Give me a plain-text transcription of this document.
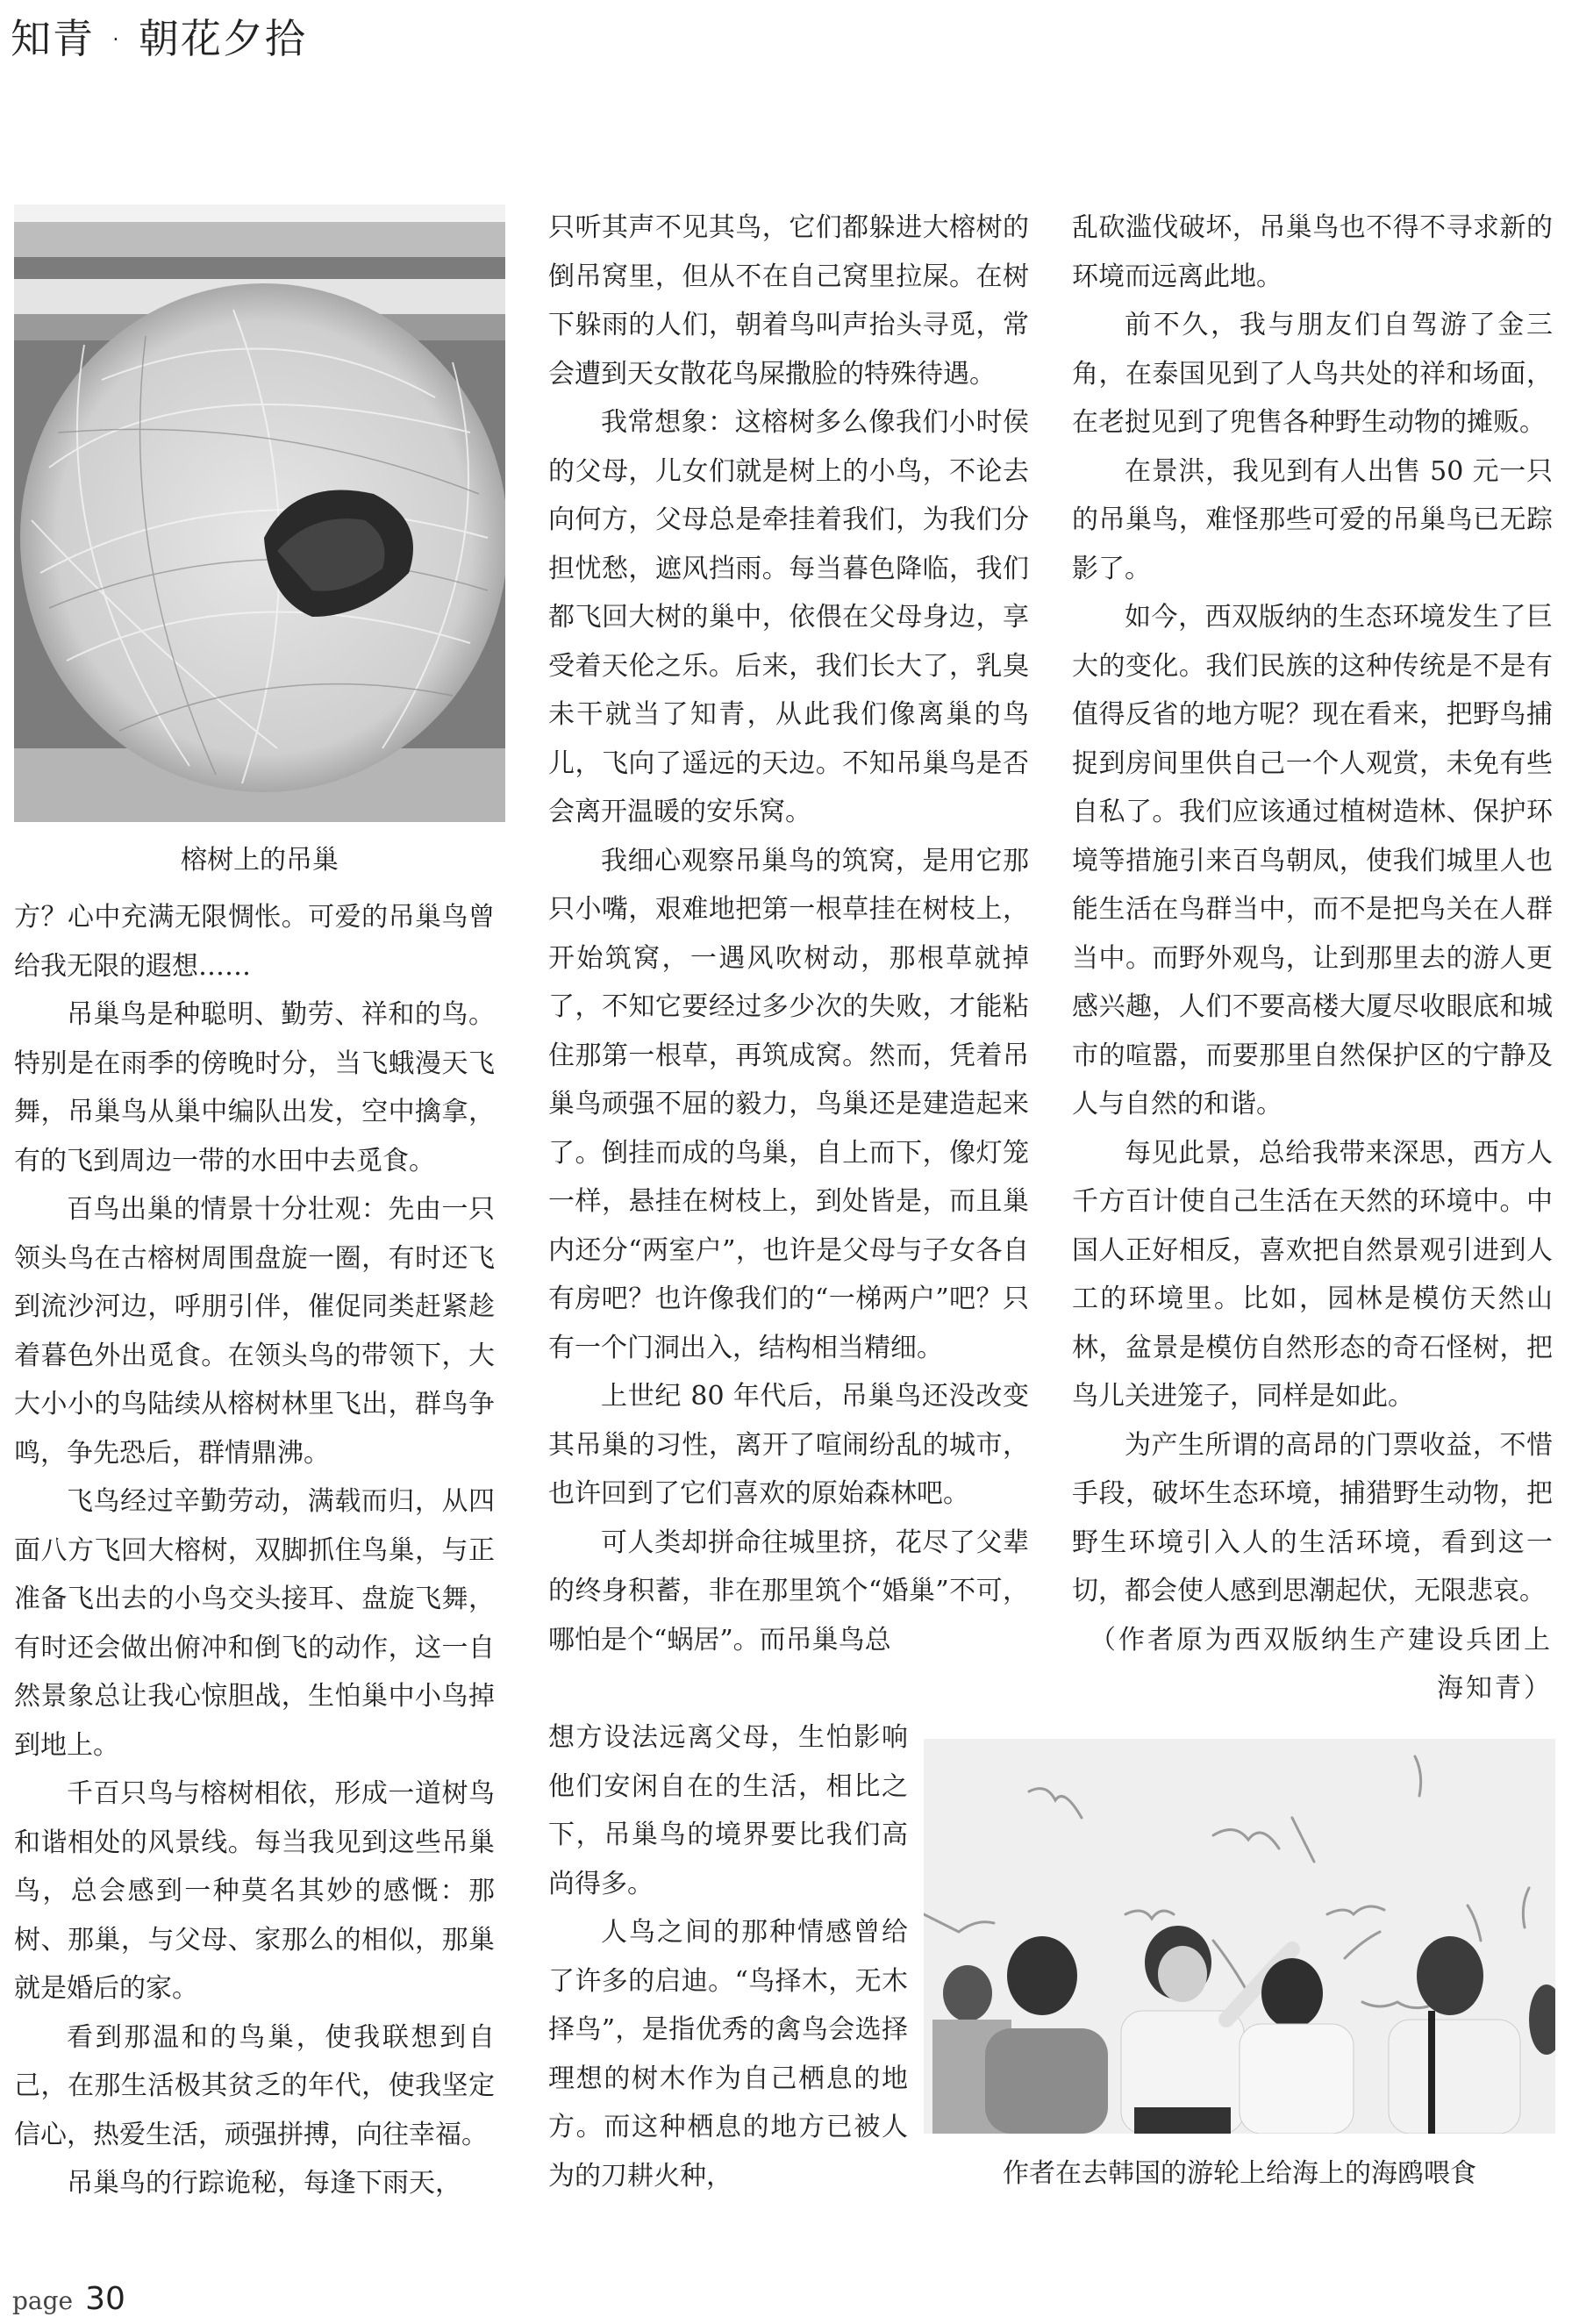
知青 · 朝花夕拾
榕树上的吊巢

方？心中充满无限惆怅。可爱的吊巢鸟曾给我无限的遐想……

吊巢鸟是种聪明、勤劳、祥和的鸟。特别是在雨季的傍晚时分，当飞蛾漫天飞舞，吊巢鸟从巢中编队出发，空中擒拿，有的飞到周边一带的水田中去觅食。

百鸟出巢的情景十分壮观：先由一只领头鸟在古榕树周围盘旋一圈，有时还飞到流沙河边，呼朋引伴，催促同类赶紧趁着暮色外出觅食。在领头鸟的带领下，大大小小的鸟陆续从榕树林里飞出，群鸟争鸣，争先恐后，群情鼎沸。

飞鸟经过辛勤劳动，满载而归，从四面八方飞回大榕树，双脚抓住鸟巢，与正准备飞出去的小鸟交头接耳、盘旋飞舞，有时还会做出俯冲和倒飞的动作，这一自然景象总让我心惊胆战，生怕巢中小鸟掉到地上。

千百只鸟与榕树相依，形成一道树鸟和谐相处的风景线。每当我见到这些吊巢鸟，总会感到一种莫名其妙的感慨：那树、那巢，与父母、家那么的相似，那巢就是婚后的家。

看到那温和的鸟巢，使我联想到自己，在那生活极其贫乏的年代，使我坚定信心，热爱生活，顽强拼搏，向往幸福。

吊巢鸟的行踪诡秘，每逢下雨天，

只听其声不见其鸟，它们都躲进大榕树的倒吊窝里，但从不在自己窝里拉屎。在树下躲雨的人们，朝着鸟叫声抬头寻觅，常会遭到天女散花鸟屎撒脸的特殊待遇。

我常想象：这榕树多么像我们小时侯的父母，儿女们就是树上的小鸟，不论去向何方，父母总是牵挂着我们，为我们分担忧愁，遮风挡雨。每当暮色降临，我们都飞回大树的巢中，依偎在父母身边，享受着天伦之乐。后来，我们长大了，乳臭未干就当了知青，从此我们像离巢的鸟儿，飞向了遥远的天边。不知吊巢鸟是否会离开温暖的安乐窝。

我细心观察吊巢鸟的筑窝，是用它那只小嘴，艰难地把第一根草挂在树枝上，开始筑窝，一遇风吹树动，那根草就掉了，不知它要经过多少次的失败，才能粘住那第一根草，再筑成窝。然而，凭着吊巢鸟顽强不屈的毅力，鸟巢还是建造起来了。倒挂而成的鸟巢，自上而下，像灯笼一样，悬挂在树枝上，到处皆是，而且巢内还分“两室户”，也许是父母与子女各自有房吧？也许像我们的“一梯两户”吧？只有一个门洞出入，结构相当精细。

上世纪 80 年代后，吊巢鸟还没改变其吊巢的习性，离开了喧闹纷乱的城市，也许回到了它们喜欢的原始森林吧。

可人类却拼命往城里挤，花尽了父辈的终身积蓄，非在那里筑个“婚巢”不可，哪怕是个“蜗居”。而吊巢鸟总

想方设法远离父母，生怕影响他们安闲自在的生活，相比之下，吊巢鸟的境界要比我们高尚得多。

人鸟之间的那种情感曾给了许多的启迪。“鸟择木，无木择鸟”，是指优秀的禽鸟会选择理想的树木作为自己栖息的地方。而这种栖息的地方已被人为的刀耕火种，

乱砍滥伐破坏，吊巢鸟也不得不寻求新的环境而远离此地。

前不久，我与朋友们自驾游了金三角，在泰国见到了人鸟共处的祥和场面，在老挝见到了兜售各种野生动物的摊贩。

在景洪，我见到有人出售 50 元一只的吊巢鸟，难怪那些可爱的吊巢鸟已无踪影了。

如今，西双版纳的生态环境发生了巨大的变化。我们民族的这种传统是不是有值得反省的地方呢？现在看来，把野鸟捕捉到房间里供自己一个人观赏，未免有些自私了。我们应该通过植树造林、保护环境等措施引来百鸟朝凤，使我们城里人也能生活在鸟群当中，而不是把鸟关在人群当中。而野外观鸟，让到那里去的游人更感兴趣，人们不要高楼大厦尽收眼底和城市的喧嚣，而要那里自然保护区的宁静及人与自然的和谐。

每见此景，总给我带来深思，西方人千方百计使自己生活在天然的环境中。中国人正好相反，喜欢把自然景观引进到人工的环境里。比如，园林是模仿天然山林，盆景是模仿自然形态的奇石怪树，把鸟儿关进笼子，同样是如此。

为产生所谓的高昂的门票收益，不惜手段，破坏生态环境，捕猎野生动物，把野生环境引入人的生活环境，看到这一切，都会使人感到思潮起伏，无限悲哀。

（作者原为西双版纳生产建设兵团上海知青）

作者在去韩国的游轮上给海上的海鸥喂食
page 30
